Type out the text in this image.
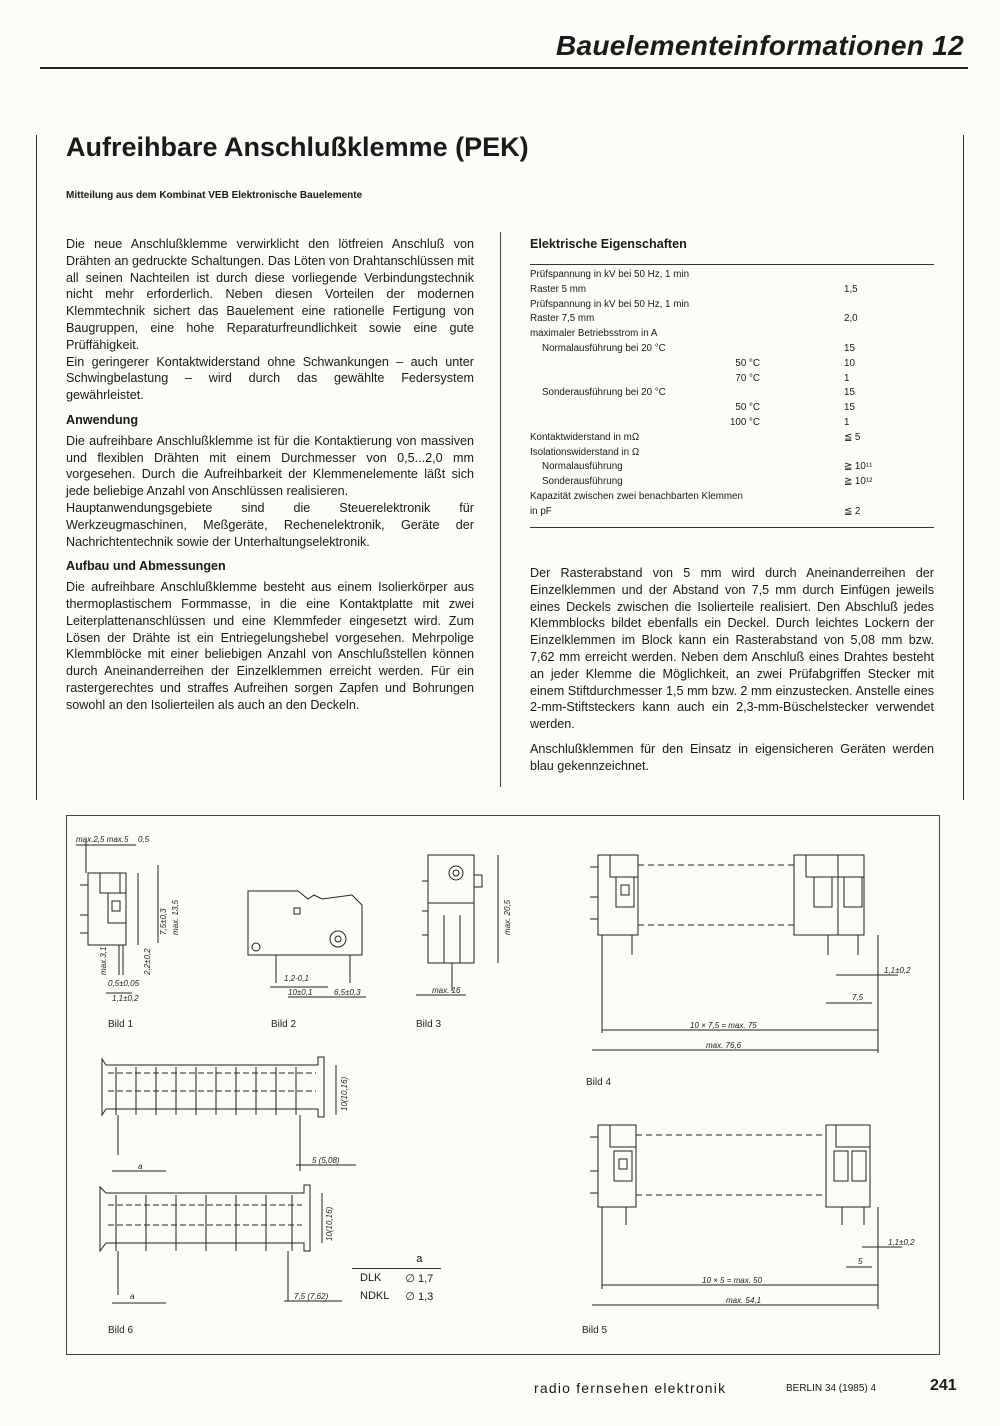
Bauelementeinformationen 12
Aufreihbare Anschlußklemme (PEK)
Mitteilung aus dem Kombinat VEB Elektronische Bauelemente

Die neue Anschlußklemme verwirklicht den lötfreien Anschluß von Drähten an gedruckte Schaltungen. Das Löten von Drahtanschlüssen mit all seinen Nachteilen ist durch diese vorliegende Verbindungstechnik nicht mehr erforderlich. Neben diesen Vorteilen der modernen Klemmtechnik sichert das Bauelement eine rationelle Fertigung von Baugruppen, eine hohe Reparaturfreundlichkeit sowie eine gute Prüffähigkeit.

Ein geringerer Kontaktwiderstand ohne Schwankungen – auch unter Schwingbelastung – wird durch das gewählte Federsystem gewährleistet.

Anwendung

Die aufreihbare Anschlußklemme ist für die Kontaktierung von massiven und flexiblen Drähten mit einem Durchmesser von 0,5...2,0 mm vorgesehen. Durch die Aufreihbarkeit der Klemmenelemente läßt sich jede beliebige Anzahl von Anschlüssen realisieren.

Hauptanwendungsgebiete sind die Steuerelektronik für Werkzeugmaschinen, Meßgeräte, Rechenelektronik, Geräte der Nachrichtentechnik sowie der Unterhaltungselektronik.

Aufbau und Abmessungen

Die aufreihbare Anschlußklemme besteht aus einem Isolierkörper aus thermoplastischem Formmasse, in die eine Kontaktplatte mit zwei Leiterplattenanschlüssen und eine Klemmfeder eingesetzt wird. Zum Lösen der Drähte ist ein Entriegelungshebel vorgesehen. Mehrpolige Klemmblöcke mit einer beliebigen Anzahl von Anschlußstellen können durch Aneinanderreihen der Einzelklemmen erreicht werden. Für ein rastergerechtes und straffes Aufreihen sorgen Zapfen und Bohrungen sowohl an den Isolierteilen als auch an den Deckeln.

Elektrische Eigenschaften
Prüfspannung in kV bei 50 Hz, 1 min	
Raster 5 mm	1,5
Prüfspannung in kV bei 50 Hz, 1 min	
Raster 7,5 mm	2,0
maximaler Betriebsstrom in A	
Normalausführung bei 20 °C	15
50 °C	10
70 °C	1
Sonderausführung bei 20 °C	15
50 °C	15
100 °C	1
Kontaktwiderstand in mΩ	≦ 5
Isolationswiderstand in Ω	
Normalausführung	≧ 10¹¹
Sonderausführung	≧ 10¹²
Kapazität zwischen zwei benachbarten Klemmen	
in pF	≦ 2

Der Rasterabstand von 5 mm wird durch Aneinanderreihen der Einzelklemmen und der Abstand von 7,5 mm durch Einfügen jeweils eines Deckels zwischen die Isolierteile realisiert. Den Abschluß jedes Klemmblocks bildet ebenfalls ein Deckel. Durch leichtes Lockern der Einzelklemmen im Block kann ein Rasterabstand von 5,08 mm bzw. 7,62 mm erreicht werden. Neben dem Anschluß eines Drahtes besteht an jeder Klemme die Möglichkeit, an zwei Prüfabgriffen Stecker mit einem Stiftdurchmesser 1,5 mm bzw. 2 mm einzustecken. Anstelle eines 2-mm-Stiftsteckers kann auch ein 2,3-mm-Büschelstecker verwendet werden.

Anschlußklemmen für den Einsatz in eigensicheren Geräten werden blau gekennzeichnet.

max.2,5 max.5 0,5
max. 13,5
7,5±0,3
max.3,1	2,2±0,2
0,5±0,05
1,1±0,2
Bild 1
1,2-0,1
10±0,1	6,5±0,3
Bild 2
max. 20,5
max. 16
Bild 3
1,1±0,2
7,5
10 × 7,5 = max. 75
max. 76,6
Bild 4
1,1±0,2
5
10 × 5 = max. 50
max. 54,1
Bild 5
10(10,16)
5 (5,08)
a
10(10,16)
7,5 (7,62)
a
Bild 6
	a
DLK	∅ 1,7
NDKL	∅ 1,3
radio fernsehen elektronik	BERLIN 34 (1985) 4	241
